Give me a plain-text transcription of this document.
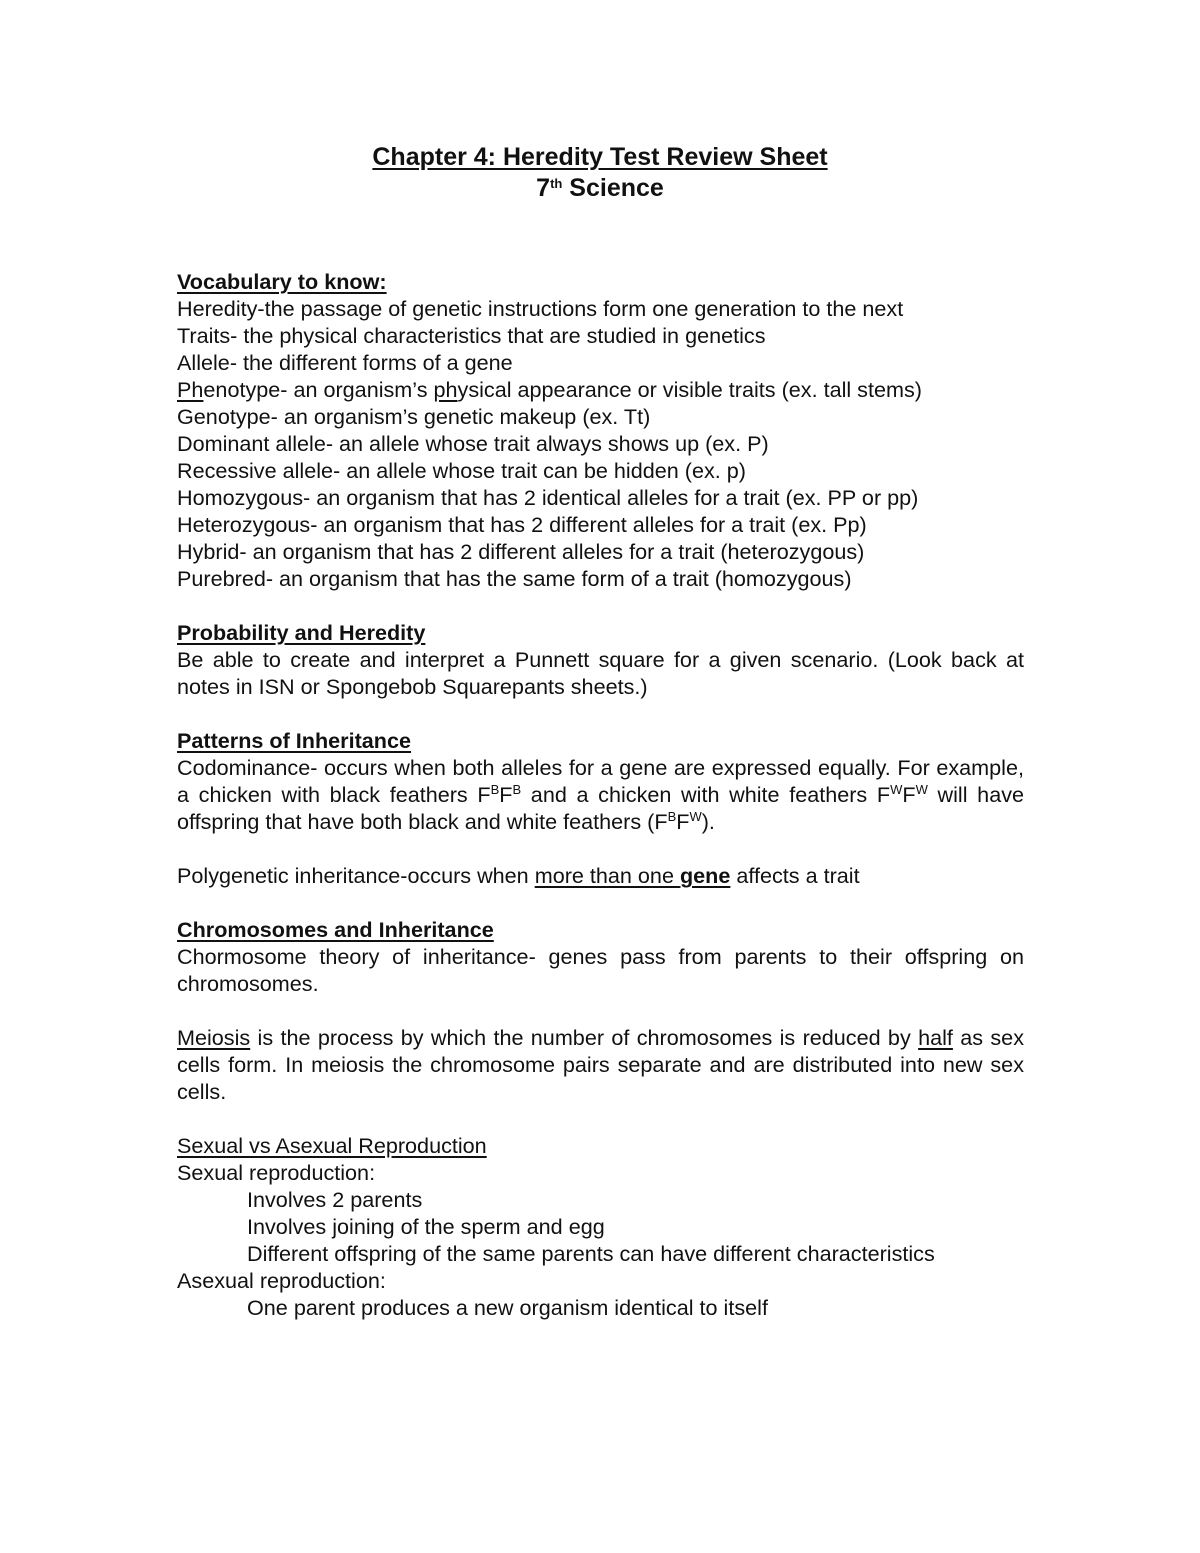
Chapter 4: Heredity Test Review Sheet
7th Science
Vocabulary to know:
Heredity-the passage of genetic instructions form one generation to the next
Traits- the physical characteristics that are studied in genetics
Allele- the different forms of a gene
Phenotype- an organism’s physical appearance or visible traits (ex. tall stems)
Genotype- an organism’s genetic makeup (ex. Tt)
Dominant allele- an allele whose trait always shows up (ex. P)
Recessive allele- an allele whose trait can be hidden (ex. p)
Homozygous- an organism that has 2 identical alleles for a trait (ex. PP or pp)
Heterozygous- an organism that has 2 different alleles for a trait (ex. Pp)
Hybrid- an organism that has 2 different alleles for a trait (heterozygous)
Purebred- an organism that has the same form of a trait (homozygous)
Probability and Heredity
Be able to create and interpret a Punnett square for a given scenario. (Look back at notes in ISN or Spongebob Squarepants sheets.)
Patterns of Inheritance
Codominance- occurs when both alleles for a gene are expressed equally. For example, a chicken with black feathers $F^BF^B$ and a chicken with white feathers $F^WF^W$ will have offspring that have both black and white feathers $(F^BF^W)$.
Polygenetic inheritance-occurs when more than one gene affects a trait
Chromosomes and Inheritance
Chormosome theory of inheritance- genes pass from parents to their offspring on chromosomes.
Meiosis is the process by which the number of chromosomes is reduced by half as sex cells form. In meiosis the chromosome pairs separate and are distributed into new sex cells.
Sexual vs Asexual Reproduction
Sexual reproduction:
Involves 2 parents
Involves joining of the sperm and egg
Different offspring of the same parents can have different characteristics
Asexual reproduction:
One parent produces a new organism identical to itself
